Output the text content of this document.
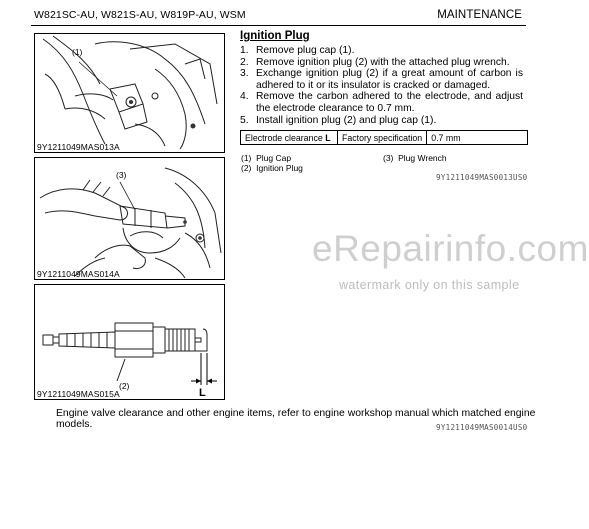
W821SC-AU, W821S-AU, W819P-AU, WSM	MAINTENANCE
(1)
9Y1211049MAS013A
(3)
9Y1211049MAS014A
(2)
L
9Y1211049MAS015A
Ignition Plug
1. Remove plug cap (1).
2. Remove ignition plug (2) with the attached plug wrench.
3. Exchange ignition plug (2) if a great amount of carbon is adhered to it or its insulator is cracked or damaged.
4. Remove the carbon adhered to the electrode, and adjust the electrode clearance to 0.7 mm.
5. Install ignition plug (2) and plug cap (1).
Electrode clearance L	Factory specification	0.7 mm
(1) Plug Cap
(2) Ignition Plug
(3) Plug Wrench
9Y1211049MAS0013US0
eRepairinfo.com
watermark only on this sample
Engine valve clearance and other engine items, refer to engine workshop manual which matched engine models.	9Y1211049MAS0014US0
